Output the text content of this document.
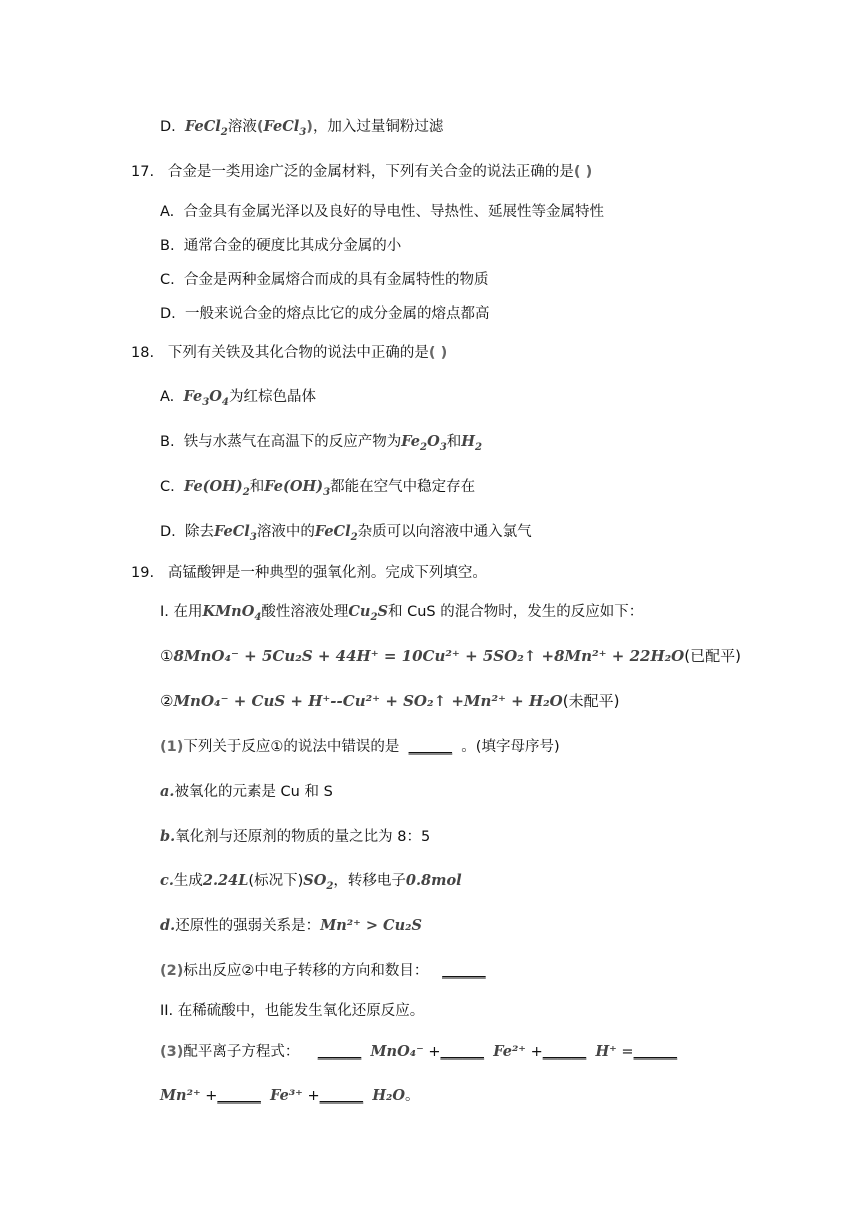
D. FeCl$_2$溶液(FeCl$_3$)，加入过量铜粉过滤
17. 合金是一类用途广泛的金属材料，下列有关合金的说法正确的是( )
A. 合金具有金属光泽以及良好的导电性、导热性、延展性等金属特性
B. 通常合金的硬度比其成分金属的小
C. 合金是两种金属熔合而成的具有金属特性的物质
D. 一般来说合金的熔点比它的成分金属的熔点都高
18. 下列有关铁及其化合物的说法中正确的是( )
A. $Fe_3O_4$为红棕色晶体
B. 铁与水蒸气在高温下的反应产物为$Fe_2O_3$和$H_2$
C. $Fe(OH)_2$和$Fe(OH)_3$都能在空气中稳定存在
D. 除去FeCl$_3$溶液中的FeCl$_2$杂质可以向溶液中通入氯气
19. 高锰酸钾是一种典型的强氧化剂。完成下列填空。
I. 在用KMnO$_4$酸性溶液处理$Cu_2S$和 CuS 的混合物时，发生的反应如下：
①8MnO₄⁻ + 5Cu₂S + 44H⁺ = 10Cu²⁺ + 5SO₂↑ +8Mn²⁺ + 22H₂O(已配平)
②MnO₄⁻ + CuS + H⁺--Cu²⁺ + SO₂↑ +Mn²⁺ + H₂O(未配平)
(1)下列关于反应①的说法中错误的是 ______ 。(填字母序号)
a.被氧化的元素是 Cu 和 S
b.氧化剂与还原剂的物质的量之比为 8：5
c.生成2.24L(标况下)$SO_2$，转移电子0.8mol
d.还原性的强弱关系是：Mn²⁺ > Cu₂S
(2)标出反应②中电子转移的方向和数目： ______
II. 在稀硫酸中，也能发生氧化还原反应。
(3)配平离子方程式： ______ MnO₄⁻ +______ Fe²⁺ +______ H⁺ =______
Mn²⁺ +______ Fe³⁺ +______ H₂O。
